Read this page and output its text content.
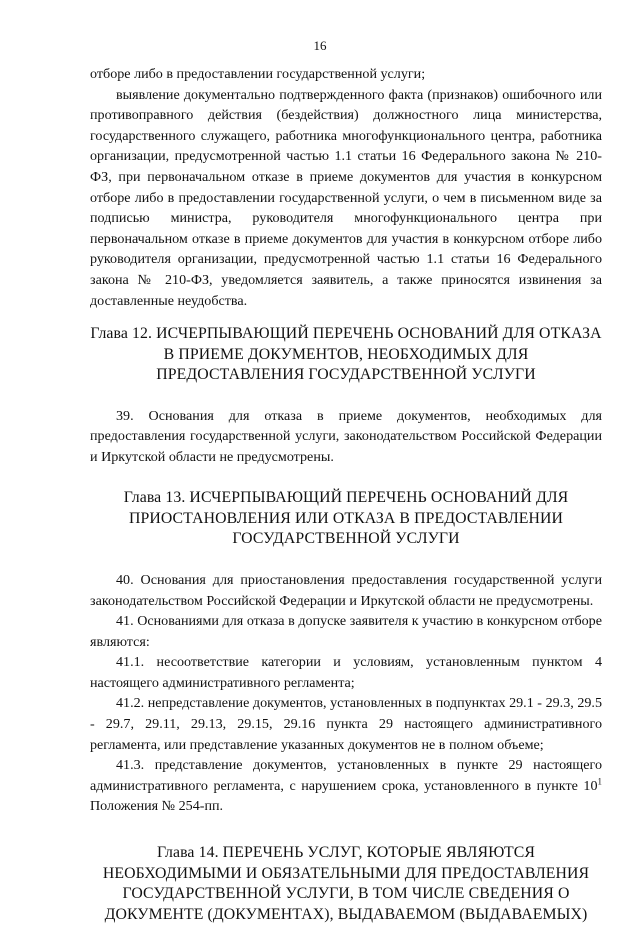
16

отборе либо в предоставлении государственной услуги;

выявление документально подтвержденного факта (признаков) ошибочного или противоправного действия (бездействия) должностного лица министерства, государственного служащего, работника многофункционального центра, работника организации, предусмотренной частью 1.1 статьи 16 Федерального закона № 210-ФЗ, при первоначальном отказе в приеме документов для участия в конкурсном отборе либо в предоставлении государственной услуги, о чем в письменном виде за подписью министра, руководителя многофункционального центра при первоначальном отказе в приеме документов для участия в конкурсном отборе либо руководителя организации, предусмотренной частью 1.1 статьи 16 Федерального закона № 210-ФЗ, уведомляется заявитель, а также приносятся извинения за доставленные неудобства.

Глава 12. ИСЧЕРПЫВАЮЩИЙ ПЕРЕЧЕНЬ ОСНОВАНИЙ ДЛЯ ОТКАЗА В ПРИЕМЕ ДОКУМЕНТОВ, НЕОБХОДИМЫХ ДЛЯ ПРЕДОСТАВЛЕНИЯ ГОСУДАРСТВЕННОЙ УСЛУГИ

39. Основания для отказа в приеме документов, необходимых для предоставления государственной услуги, законодательством Российской Федерации и Иркутской области не предусмотрены.

Глава 13. ИСЧЕРПЫВАЮЩИЙ ПЕРЕЧЕНЬ ОСНОВАНИЙ ДЛЯ ПРИОСТАНОВЛЕНИЯ ИЛИ ОТКАЗА В ПРЕДОСТАВЛЕНИИ ГОСУДАРСТВЕННОЙ УСЛУГИ

40. Основания для приостановления предоставления государственной услуги законодательством Российской Федерации и Иркутской области не предусмотрены.

41. Основаниями для отказа в допуске заявителя к участию в конкурсном отборе являются:

41.1. несоответствие категории и условиям, установленным пунктом 4 настоящего административного регламента;

41.2. непредставление документов, установленных в подпунктах 29.1 - 29.3, 29.5 - 29.7, 29.11, 29.13, 29.15, 29.16 пункта 29 настоящего административного регламента, или представление указанных документов не в полном объеме;

41.3. представление документов, установленных в пункте 29 настоящего административного регламента, с нарушением срока, установленного в пункте $10^1$ Положения № 254-пп.

Глава 14. ПЕРЕЧЕНЬ УСЛУГ, КОТОРЫЕ ЯВЛЯЮТСЯ НЕОБХОДИМЫМИ И ОБЯЗАТЕЛЬНЫМИ ДЛЯ ПРЕДОСТАВЛЕНИЯ ГОСУДАРСТВЕННОЙ УСЛУГИ, В ТОМ ЧИСЛЕ СВЕДЕНИЯ О ДОКУМЕНТЕ (ДОКУМЕНТАХ), ВЫДАВАЕМОМ (ВЫДАВАЕМЫХ)
